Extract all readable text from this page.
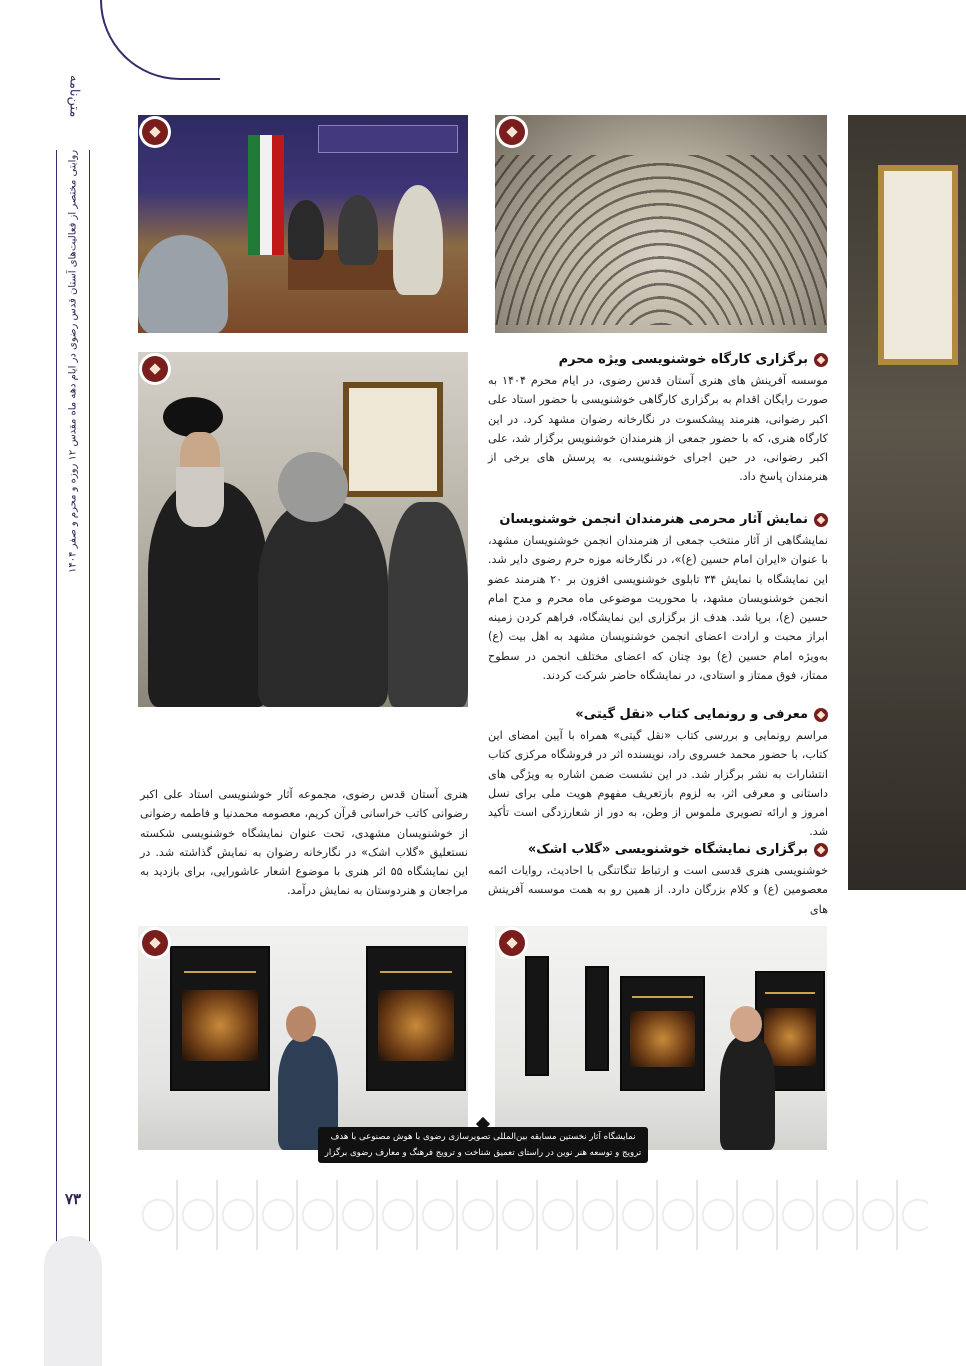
متن‌نامه
روایتی مختصر از فعالیت‌های آستان قدس رضوی در ایام دهه ماه مقدس ۱۲ روزه و محرم و صفر ۱۴۰۴
۷۳
نمایشگاه آثار نخستین مسابقه بین‌المللی تصویرسازی رضوی با هوش مصنوعی با هدف
ترویج و توسعه هنر نوین در راستای تعمیق شناخت و ترویج فرهنگ و معارف رضوی برگزار شد
برگزاری کارگاه خوشنویسی ویژه محرم
موسسه آفرینش های هنری آستان قدس رضوی، در ایام محرم ۱۴۰۴ به صورت رایگان اقدام به برگزاری کارگاهی خوشنویسی با حضور استاد علی اکبر رضوانی، هنرمند پیشکسوت در نگارخانه رضوان مشهد کرد. در این کارگاه هنری، که با حضور جمعی از هنرمندان خوشنویس برگزار شد، علی اکبر رضوانی، در حین اجرای خوشنویسی، به پرسش های برخی از هنرمندان پاسخ داد.
نمایش آثار محرمی هنرمندان انجمن خوشنویسان
نمایشگاهی از آثار منتخب جمعی از هنرمندان انجمن خوشنویسان مشهد، با عنوان «ایران امام حسین (ع)»، در نگارخانه موزه حرم رضوی دایر شد. این نمایشگاه با نمایش ۳۴ تابلوی خوشنویسی افزون بر ۲۰ هنرمند عضو انجمن خوشنویسان مشهد، با محوریت موضوعی ماه محرم و مدح امام حسین (ع)، برپا شد. هدف از برگزاری این نمایشگاه، فراهم کردن زمینه ابراز محبت و ارادت اعضای انجمن خوشنویسان مشهد به اهل بیت (ع) به‌ویژه امام حسین (ع) بود چنان که اعضای مختلف انجمن در سطوح ممتاز، فوق ممتاز و استادی، در نمایشگاه حاضر شرکت کردند.
معرفی و رونمایی کتاب «نقل گیتی»
مراسم رونمایی و بررسی کتاب «نقل گیتی» همراه با آیین امضای این کتاب، با حضور محمد خسروی راد، نویسنده اثر در فروشگاه مرکزی کتاب انتشارات به نشر برگزار شد. در این نشست ضمن اشاره به ویژگی های داستانی و معرفی اثر، به لزوم بازتعریف مفهوم هویت ملی برای نسل امروز و ارائه تصویری ملموس از وطن، به دور از شعارزدگی است تأکید شد.
برگزاری نمایشگاه خوشنویسی «گلاب اشک»
خوشنویسی هنری قدسی است و ارتباط تنگاتنگی با احادیث، روایات ائمه معصومین (ع) و کلام بزرگان دارد. از همین رو به همت موسسه آفرینش های
هنری آستان قدس رضوی، مجموعه آثار خوشنویسی استاد علی اکبر رضوانی کاتب خراسانی قرآن کریم، معصومه محمدنیا و فاطمه رضوانی از خوشنویسان مشهدی، تحت عنوان نمایشگاه خوشنویسی شکسته نستعلیق «گلاب اشک» در نگارخانه رضوان به نمایش گذاشته شد. در این نمایشگاه ۵۵ اثر هنری با موضوع اشعار عاشورایی، برای بازدید به مراجعان و هنردوستان به نمایش درآمد.
